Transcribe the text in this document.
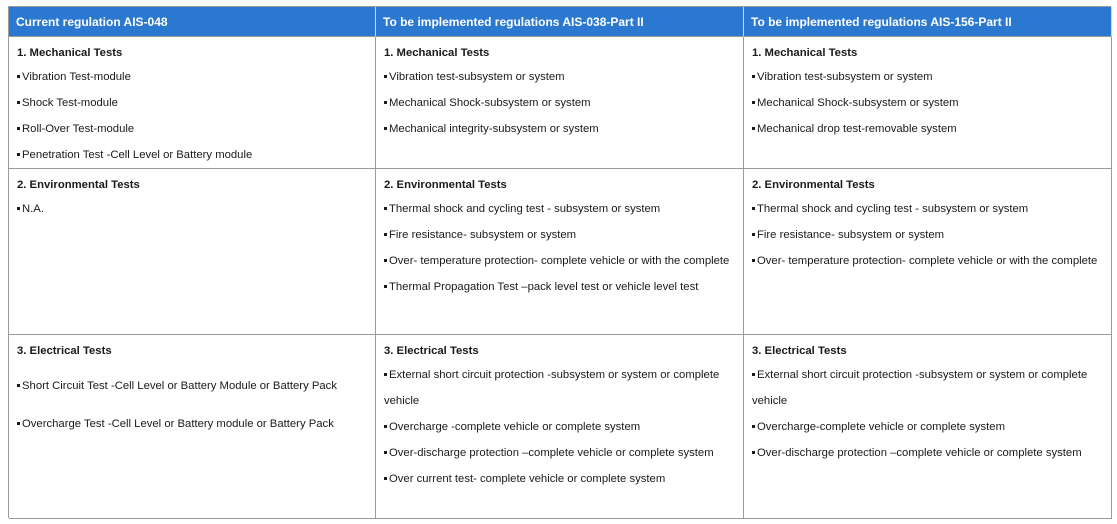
Current regulation AIS-048	To be implemented regulations AIS-038-Part II	To be implemented regulations AIS-156-Part II
1. Mechanical Tests
Vibration Test-module
Shock Test-module
Roll-Over Test-module
Penetration Test -Cell Level or Battery module
1. Mechanical Tests
Vibration test-subsystem or system
Mechanical Shock-subsystem or system
Mechanical integrity-subsystem or system
1. Mechanical Tests
Vibration test-subsystem or system
Mechanical Shock-subsystem or system
Mechanical drop test-removable system
2. Environmental Tests
N.A.
2. Environmental Tests
Thermal shock and cycling test - subsystem or system
Fire resistance- subsystem or system
Over- temperature protection- complete vehicle or with the complete
Thermal Propagation Test –pack level test or vehicle level test
2. Environmental Tests
Thermal shock and cycling test - subsystem or system
Fire resistance- subsystem or system
Over- temperature protection- complete vehicle or with the complete
3. Electrical Tests
Short Circuit Test -Cell Level or Battery Module or Battery Pack
Overcharge Test -Cell Level or Battery module or Battery Pack
3. Electrical Tests
External short circuit protection -subsystem or system or complete vehicle
Overcharge -complete vehicle or complete system
Over-discharge protection –complete vehicle or complete system
Over current test- complete vehicle or complete system
3. Electrical Tests
External short circuit protection -subsystem or system or complete vehicle
Overcharge-complete vehicle or complete system
Over-discharge protection –complete vehicle or complete system
